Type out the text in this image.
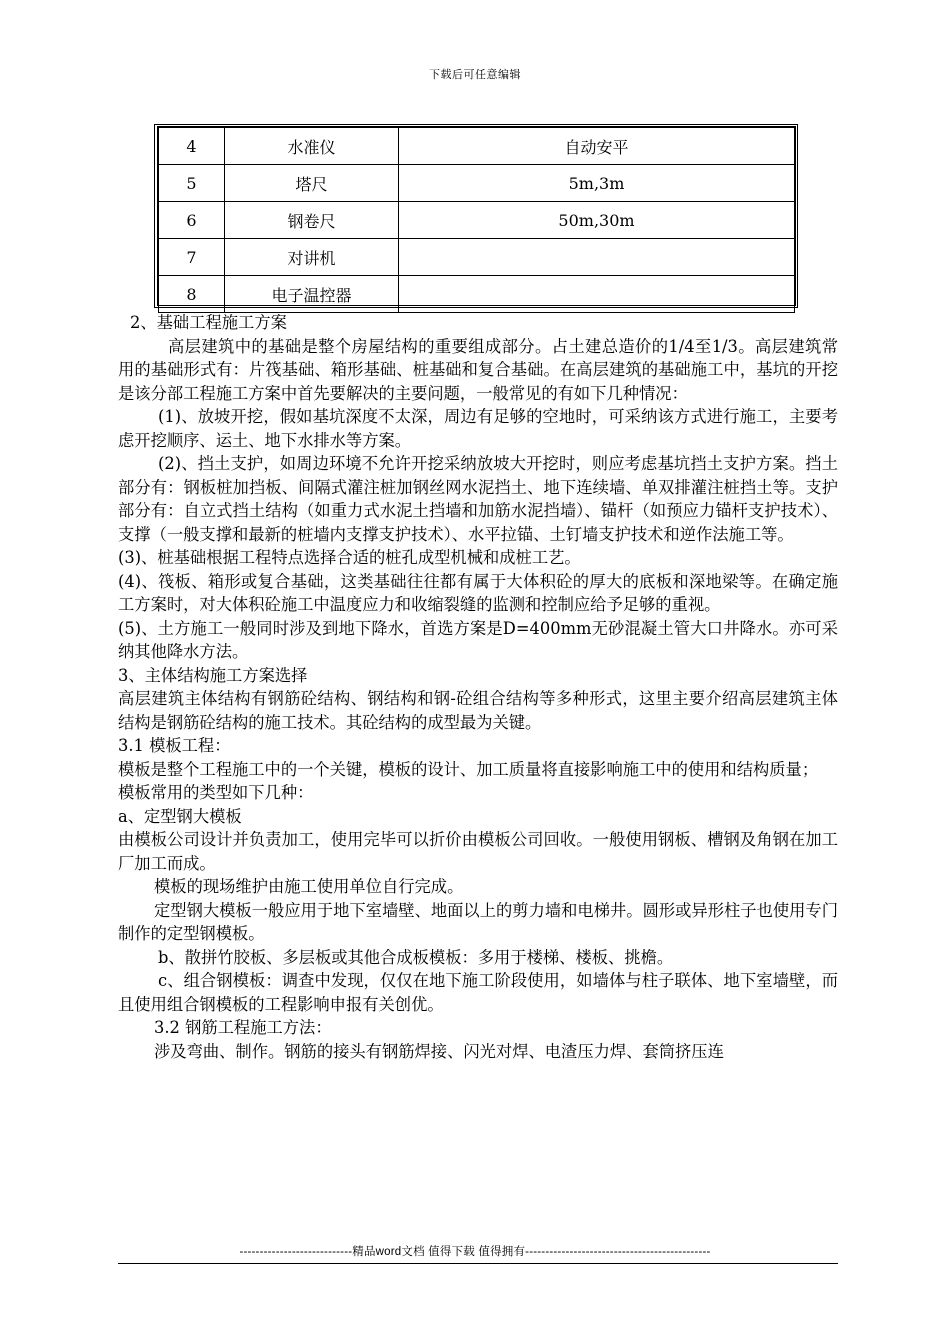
下载后可任意编辑
4	水准仪	自动安平
5	塔尺	5m,3m
6	钢卷尺	50m,30m
7	对讲机	
8	电子温控器	

2、基础工程施工方案

高层建筑中的基础是整个房屋结构的重要组成部分。占土建总造价的1/4至1/3。高层建筑常用的基础形式有：片筏基础、箱形基础、桩基础和复合基础。在高层建筑的基础施工中，基坑的开挖是该分部工程施工方案中首先要解决的主要问题，一般常见的有如下几种情况：

(1)、放坡开挖，假如基坑深度不太深，周边有足够的空地时，可采纳该方式进行施工，主要考虑开挖顺序、运土、地下水排水等方案。

(2)、挡土支护，如周边环境不允许开挖采纳放坡大开挖时，则应考虑基坑挡土支护方案。挡土部分有：钢板桩加挡板、间隔式灌注桩加钢丝网水泥挡土、地下连续墙、单双排灌注桩挡土等。支护部分有：自立式挡土结构（如重力式水泥土挡墙和加筋水泥挡墙）、锚杆（如预应力锚杆支护技术）、支撑（一般支撑和最新的桩墙内支撑支护技术）、水平拉锚、土钉墙支护技术和逆作法施工等。

(3)、桩基础根据工程特点选择合适的桩孔成型机械和成桩工艺。

(4)、筏板、箱形或复合基础，这类基础往往都有属于大体积砼的厚大的底板和深地梁等。在确定施工方案时，对大体积砼施工中温度应力和收缩裂缝的监测和控制应给予足够的重视。

(5)、土方施工一般同时涉及到地下降水，首选方案是D=400mm无砂混凝土管大口井降水。亦可采纳其他降水方法。

3、主体结构施工方案选择

高层建筑主体结构有钢筋砼结构、钢结构和钢-砼组合结构等多种形式，这里主要介绍高层建筑主体结构是钢筋砼结构的施工技术。其砼结构的成型最为关键。

3.1 模板工程：

模板是整个工程施工中的一个关键，模板的设计、加工质量将直接影响施工中的使用和结构质量；

模板常用的类型如下几种：

a、定型钢大模板

由模板公司设计并负责加工，使用完毕可以折价由模板公司回收。一般使用钢板、槽钢及角钢在加工厂加工而成。

模板的现场维护由施工使用单位自行完成。

定型钢大模板一般应用于地下室墙壁、地面以上的剪力墙和电梯井。圆形或异形柱子也使用专门制作的定型钢模板。

b、散拼竹胶板、多层板或其他合成板模板：多用于楼梯、楼板、挑檐。

c、组合钢模板：调查中发现，仅仅在地下施工阶段使用，如墙体与柱子联体、地下室墙壁，而且使用组合钢模板的工程影响申报有关创优。

3.2 钢筋工程施工方法：

涉及弯曲、制作。钢筋的接头有钢筋焊接、闪光对焊、电渣压力焊、套筒挤压连

----------------------------精品word文档 值得下载 值得拥有----------------------------------------------
